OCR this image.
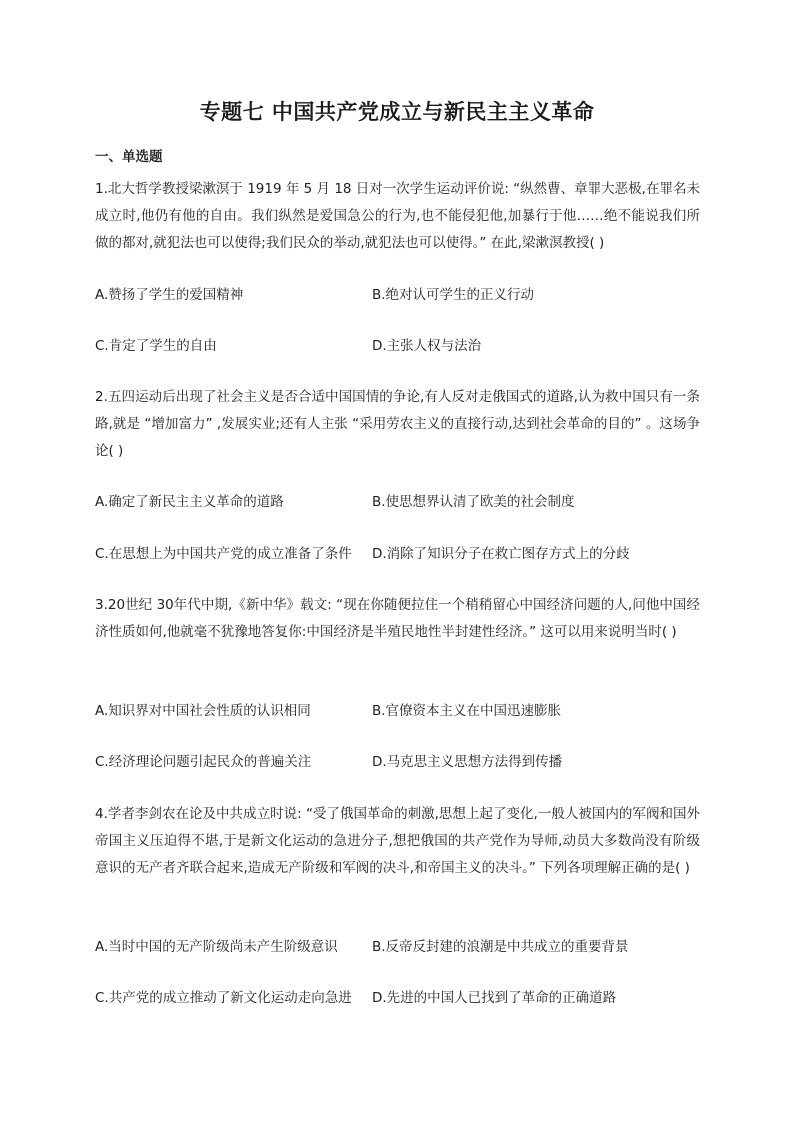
专题七 中国共产党成立与新民主主义革命
一、单选题
1.北大哲学教授梁漱溟于 1919 年 5 月 18 日对一次学生运动评价说: “纵然曹、章罪大恶极,在罪名未成立时,他仍有他的自由。我们纵然是爱国急公的行为,也不能侵犯他,加暴行于他……绝不能说我们所做的都对,就犯法也可以使得;我们民众的举动,就犯法也可以使得。” 在此,梁漱溟教授( )
A.赞扬了学生的爱国精神	B.绝对认可学生的正义行动
C.肯定了学生的自由	D.主张人权与法治
2.五四运动后出现了社会主义是否合适中国国情的争论,有人反对走俄国式的道路,认为救中国只有一条路,就是 “增加富力” ,发展实业;还有人主张 “采用劳农主义的直接行动,达到社会革命的目的” 。这场争论( )
A.确定了新民主主义革命的道路	B.使思想界认清了欧美的社会制度
C.在思想上为中国共产党的成立准备了条件 D.消除了知识分子在救亡图存方式上的分歧
3.20世纪 30年代中期,《新中华》载文: “现在你随便拉住一个稍稍留心中国经济问题的人,问他中国经济性质如何,他就毫不犹豫地答复你:中国经济是半殖民地性半封建性经济。” 这可以用来说明当时( )
A.知识界对中国社会性质的认识相同	B.官僚资本主义在中国迅速膨胀
C.经济理论问题引起民众的普遍关注	D.马克思主义思想方法得到传播
4.学者李剑农在论及中共成立时说: “受了俄国革命的刺激,思想上起了变化,一般人被国内的军阀和国外帝国主义压迫得不堪,于是新文化运动的急进分子,想把俄国的共产党作为导师,动员大多数尚没有阶级意识的无产者齐联合起来,造成无产阶级和军阀的决斗,和帝国主义的决斗。” 下列各项理解正确的是( )
A.当时中国的无产阶级尚未产生阶级意识	B.反帝反封建的浪潮是中共成立的重要背景
C.共产党的成立推动了新文化运动走向急进 D.先进的中国人已找到了革命的正确道路
